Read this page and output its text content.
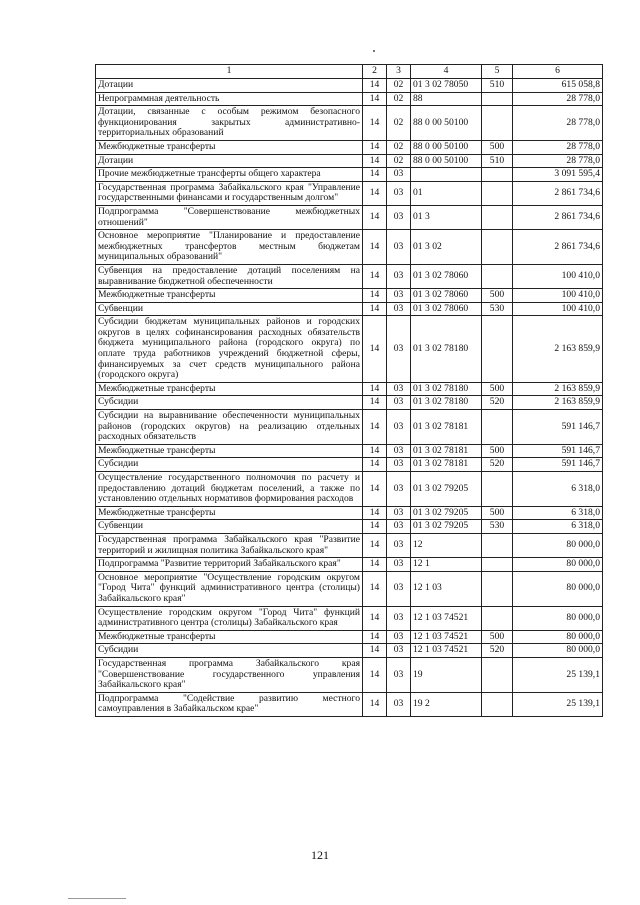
1	2	3	4	5	6
Дотации	14	02	01 3 02 78050	510	615 058,8
Непрограммная деятельность	14	02	88		28 778,0
Дотации, связанные с особым режимом безопасного функционирования закрытых административно-территориальных образований	14	02	88 0 00 50100		28 778,0
Межбюджетные трансферты	14	02	88 0 00 50100	500	28 778,0
Дотации	14	02	88 0 00 50100	510	28 778,0
Прочие межбюджетные трансферты общего характера	14	03			3 091 595,4
Государственная программа Забайкальского края "Управление государственными финансами и государственным долгом"	14	03	01		2 861 734,6
Подпрограмма "Совершенствование межбюджетных отношений"	14	03	01 3		2 861 734,6
Основное мероприятие "Планирование и предоставление межбюджетных трансфертов местным бюджетам муниципальных образований"	14	03	01 3 02		2 861 734,6
Субвенция на предоставление дотаций поселениям на выравнивание бюджетной обеспеченности	14	03	01 3 02 78060		100 410,0
Межбюджетные трансферты	14	03	01 3 02 78060	500	100 410,0
Субвенции	14	03	01 3 02 78060	530	100 410,0
Субсидии бюджетам муниципальных районов и городских округов в целях софинансирования расходных обязательств бюджета муниципального района (городского округа) по оплате труда работников учреждений бюджетной сферы, финансируемых за счет средств муниципального района (городского округа)	14	03	01 3 02 78180		2 163 859,9
Межбюджетные трансферты	14	03	01 3 02 78180	500	2 163 859,9
Субсидии	14	03	01 3 02 78180	520	2 163 859,9
Субсидии на выравнивание обеспеченности муниципальных районов (городских округов) на реализацию отдельных расходных обязательств	14	03	01 3 02 78181		591 146,7
Межбюджетные трансферты	14	03	01 3 02 78181	500	591 146,7
Субсидии	14	03	01 3 02 78181	520	591 146,7
Осуществление государственного полномочия по расчету и предоставлению дотаций бюджетам поселений, а также по установлению отдельных нормативов формирования расходов	14	03	01 3 02 79205		6 318,0
Межбюджетные трансферты	14	03	01 3 02 79205	500	6 318,0
Субвенции	14	03	01 3 02 79205	530	6 318,0
Государственная программа Забайкальского края "Развитие территорий и жилищная политика Забайкальского края"	14	03	12		80 000,0
Подпрограмма "Развитие территорий Забайкальского края"	14	03	12 1		80 000,0
Основное мероприятие "Осуществление городским округом "Город Чита" функций административного центра (столицы) Забайкальского края"	14	03	12 1 03		80 000,0
Осуществление городским округом "Город Чита" функций административного центра (столицы) Забайкальского края	14	03	12 1 03 74521		80 000,0
Межбюджетные трансферты	14	03	12 1 03 74521	500	80 000,0
Субсидии	14	03	12 1 03 74521	520	80 000,0
Государственная программа Забайкальского края "Совершенствование государственного управления Забайкальского края"	14	03	19		25 139,1
Подпрограмма "Содействие развитию местного самоуправления в Забайкальском крае"	14	03	19 2		25 139,1
121
